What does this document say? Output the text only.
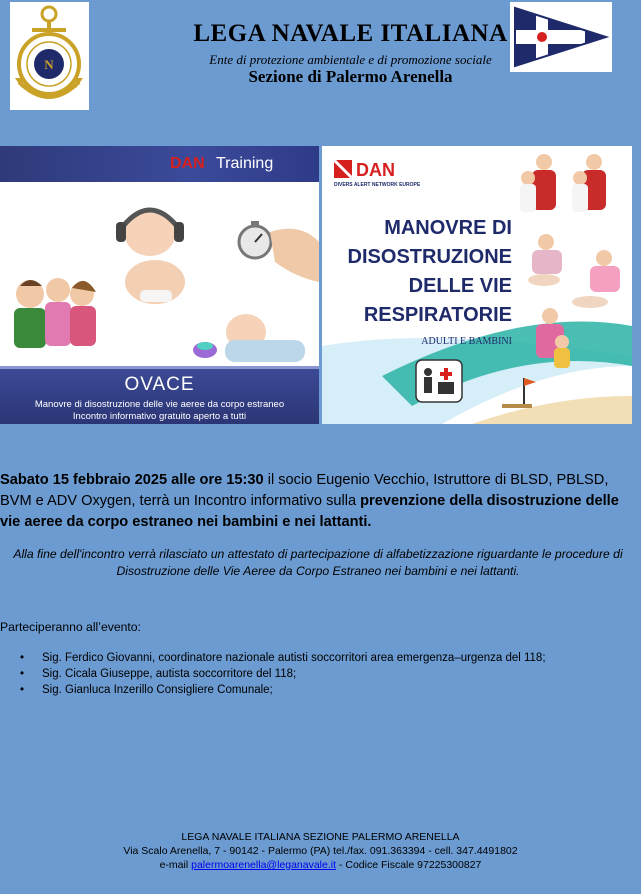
N
LEGA NAVALE ITALIANA
Ente di protezione ambientale e di promozione sociale
Sezione di Palermo Arenella
DAN Training
OVACE
Manovre di disostruzione delle vie aeree da corpo estraneo
Incontro informativo gratuito aperto a tutti
DAN
DIVERS ALERT NETWORK EUROPE
MANOVRE DI
DISOSTRUZIONE
DELLE VIE
RESPIRATORIE
ADULTI E BAMBINI
Sabato 15 febbraio 2025 alle ore 15:30 il socio Eugenio Vecchio, Istruttore di BLSD, PBLSD, BVM e ADV Oxygen, terrà un Incontro informativo sulla prevenzione della disostruzione delle vie aeree da corpo estraneo nei bambini e nei lattanti.
Alla fine dell'incontro verrà rilasciato un attestato di partecipazione di alfabetizzazione riguardante le procedure di Disostruzione delle Vie Aeree da Corpo Estraneo nei bambini e nei lattanti.
Parteciperanno all’evento:
• Sig. Ferdico Giovanni, coordinatore nazionale autisti soccorritori area emergenza–urgenza del 118;
• Sig. Cicala Giuseppe, autista soccorritore del 118;
• Sig. Gianluca Inzerillo Consigliere Comunale;
LEGA NAVALE ITALIANA SEZIONE PALERMO ARENELLA
Via Scalo Arenella, 7 - 90142 - Palermo (PA) tel./fax. 091.363394 - cell. 347.4491802
e-mail palermoarenella@leganavale.it - Codice Fiscale 97225300827
